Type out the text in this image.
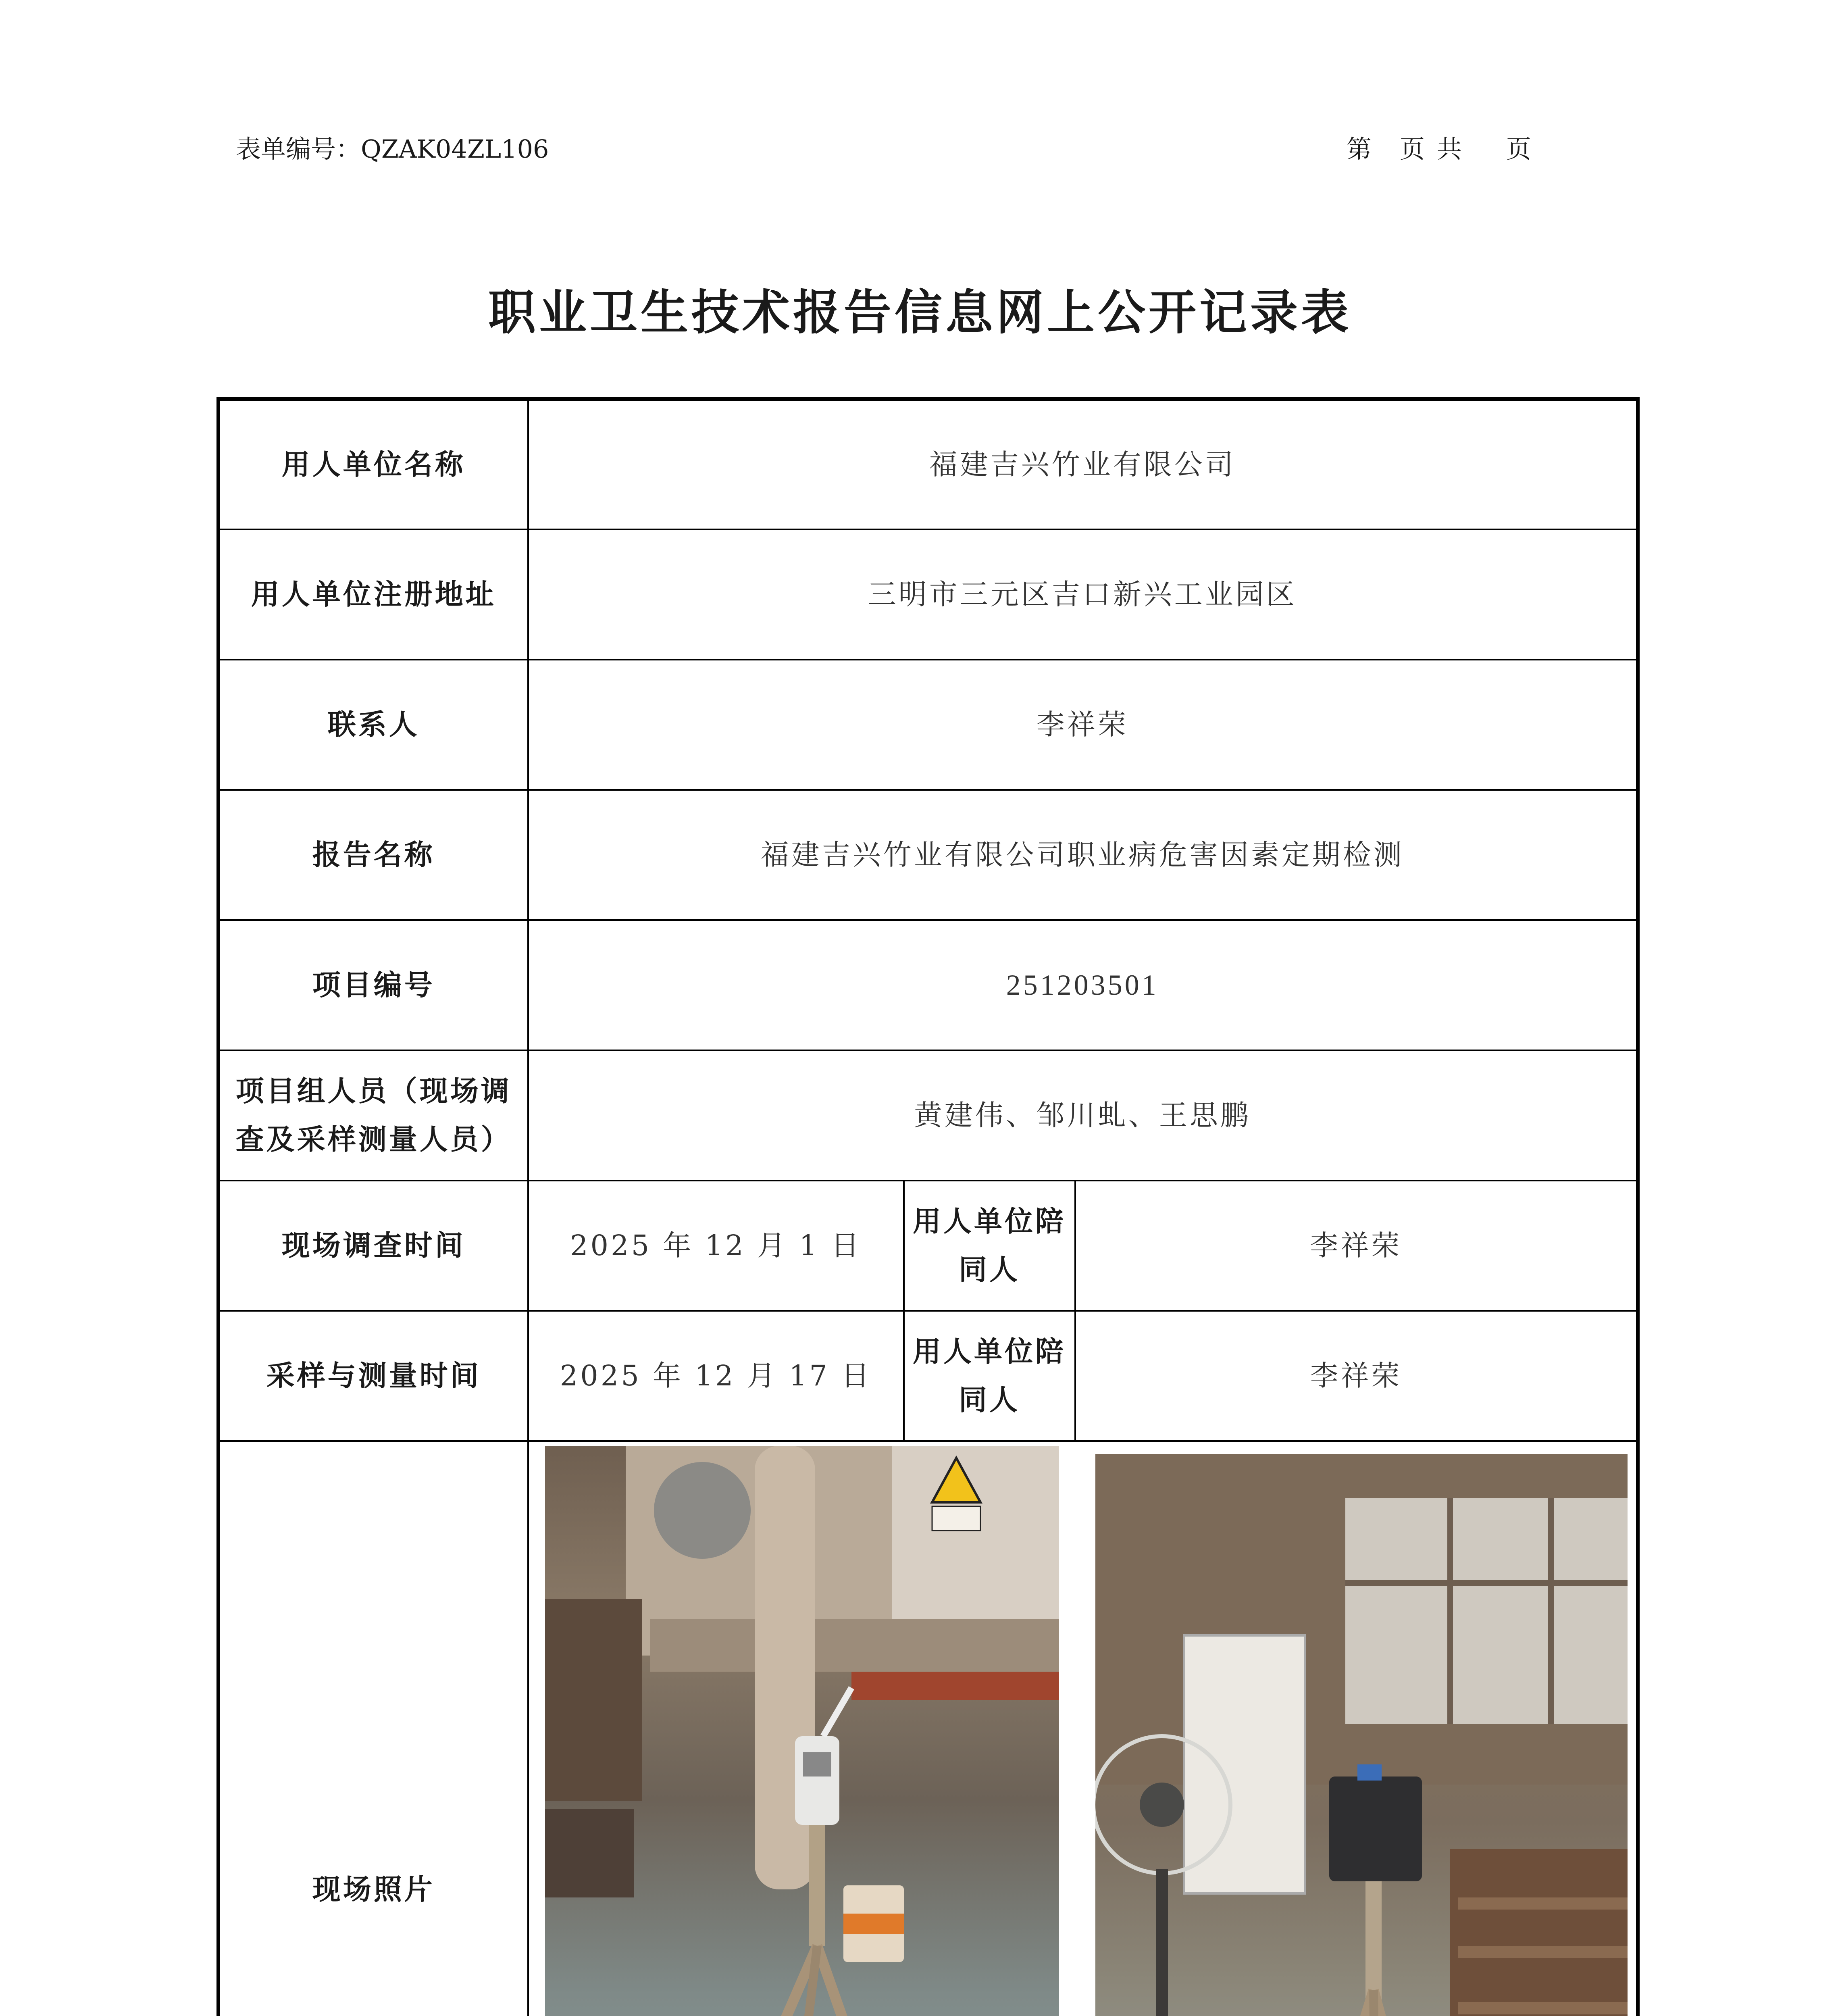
表单编号：QZAK04ZL106	第 页 共 页
职业卫生技术报告信息网上公开记录表
用人单位名称	福建吉兴竹业有限公司		
用人单位注册地址	三明市三元区吉口新兴工业园区		
联系人	李祥荣		
报告名称	福建吉兴竹业有限公司职业病危害因素定期检测		
项目编号	251203501		
项目组人员（现场调查及采样测量人员）	黄建伟、邹川虬、王思鹏		
现场调查时间	2025 年 12 月 1 日	用人单位陪同人	李祥荣
采样与测量时间	2025 年 12 月 17 日	用人单位陪同人	李祥荣
现场照片	
